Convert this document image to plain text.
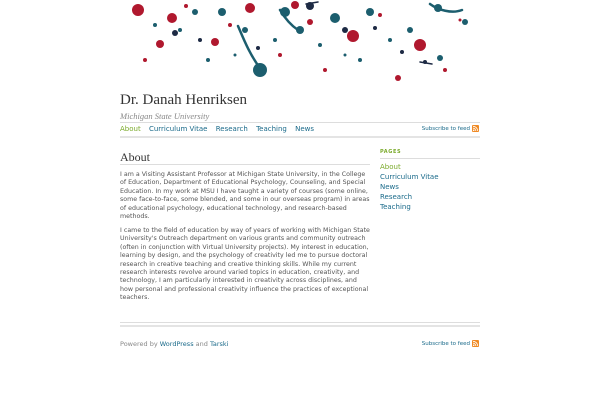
Dr. Danah Henriksen
Michigan State University
About Curriculum Vitae Research Teaching News	Subscribe to feed
About

I am a Visiting Assistant Professor at Michigan State University, in the College of Education, Department of Educational Psychology, Counseling, and Special Education. In my work at MSU I have taught a variety of courses (some online, some face-to-face, some blended, and some in our overseas program) in areas of educational psychology, educational technology, and research-based methods.

I came to the field of education by way of years of working with Michigan State University's Outreach department on various grants and community outreach (often in conjunction with Virtual University projects). My interest in education, learning by design, and the psychology of creativity led me to pursue doctoral research in creative teaching and creative thinking skills. While my current research interests revolve around varied topics in education, creativity, and technology, I am particularly interested in creativity across disciplines, and how personal and professional creativity influence the practices of exceptional teachers.

PAGES
About
Curriculum Vitae
News
Research
Teaching
Powered by WordPress and Tarski	Subscribe to feed
